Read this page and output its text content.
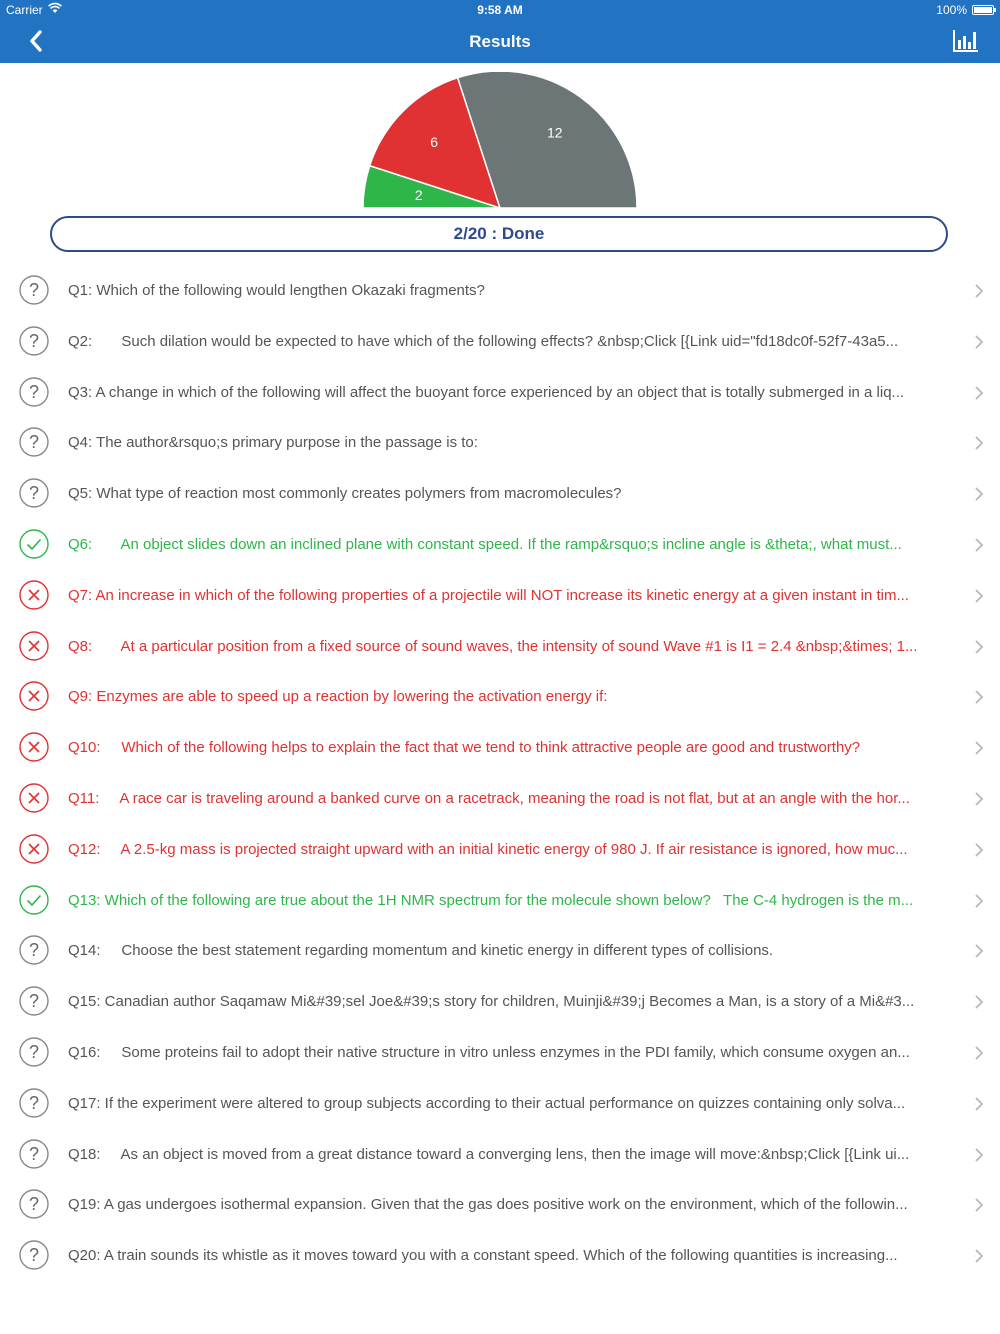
Carrier	9:58 AM	100%
Results
2
6
12
2/20 : Done
? Q1: Which of the following would lengthen Okazaki fragments?
? Q2:       Such dilation would be expected to have which of the following effects? &nbsp;Click [{Link uid="fd18dc0f-52f7-43a5...
? Q3: A change in which of the following will affect the buoyant force experienced by an object that is totally submerged in a liq...
? Q4: The author&rsquo;s primary purpose in the passage is to:
? Q5: What type of reaction most commonly creates polymers from macromolecules?
Q6:       An object slides down an inclined plane with constant speed. If the ramp&rsquo;s incline angle is &theta;, what must...
Q7: An increase in which of the following properties of a projectile will NOT increase its kinetic energy at a given instant in tim...
Q8:       At a particular position from a fixed source of sound waves, the intensity of sound Wave #1 is I1 = 2.4 &nbsp;&times; 1...
Q9: Enzymes are able to speed up a reaction by lowering the activation energy if:
Q10:     Which of the following helps to explain the fact that we tend to think attractive people are good and trustworthy?
Q11:     A race car is traveling around a banked curve on a racetrack, meaning the road is not flat, but at an angle with the hor...
Q12:     A 2.5-kg mass is projected straight upward with an initial kinetic energy of 980 J. If air resistance is ignored, how muc...
Q13: Which of the following are true about the 1H NMR spectrum for the molecule shown below?   The C-4 hydrogen is the m...
? Q14:     Choose the best statement regarding momentum and kinetic energy in different types of collisions.
? Q15: Canadian author Saqamaw Mi&#39;sel Joe&#39;s story for children, Muinji&#39;j Becomes a Man, is a story of a Mi&#3...
? Q16:     Some proteins fail to adopt their native structure in vitro unless enzymes in the PDI family, which consume oxygen an...
? Q17: If the experiment were altered to group subjects according to their actual performance on quizzes containing only solva...
? Q18:     As an object is moved from a great distance toward a converging lens, then the image will move:&nbsp;Click [{Link ui...
? Q19: A gas undergoes isothermal expansion. Given that the gas does positive work on the environment, which of the followin...
? Q20: A train sounds its whistle as it moves toward you with a constant speed. Which of the following quantities is increasing...
